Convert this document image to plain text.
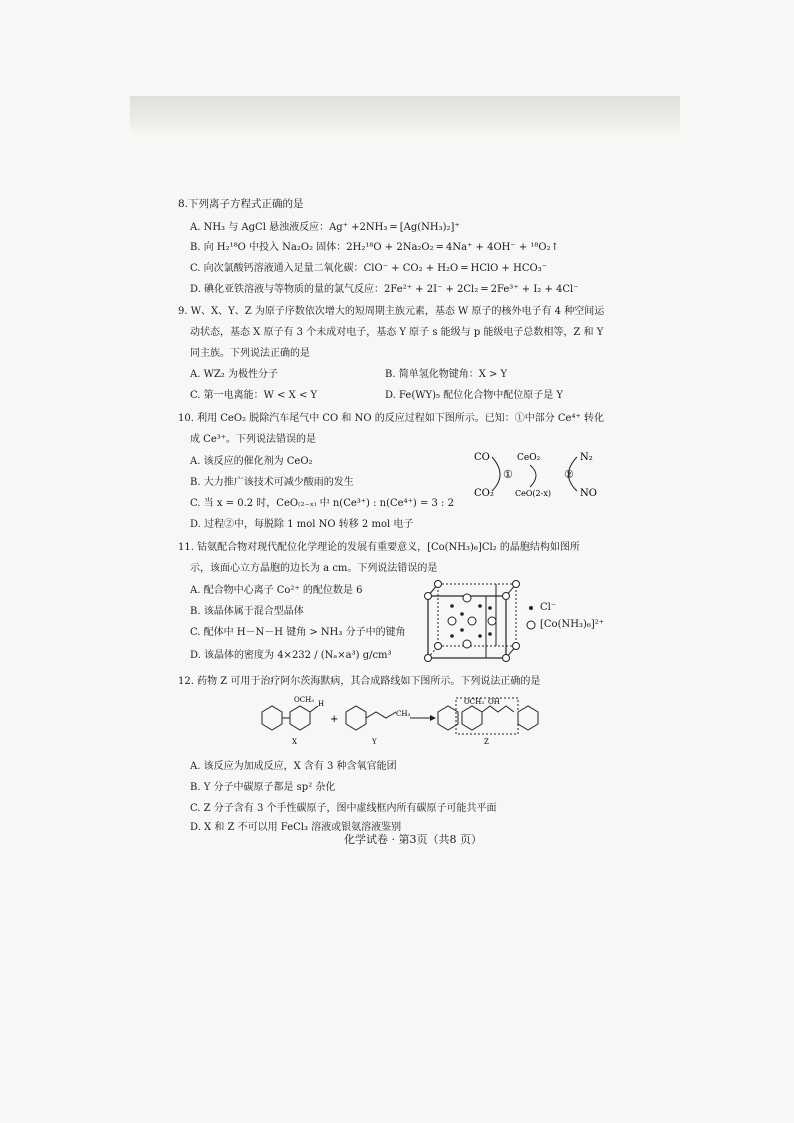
8.下列离子方程式正确的是

A. NH₃ 与 AgCl 悬浊液反应：Ag⁺ +2NH₃ ═ [Ag(NH₃)₂]⁺
B. 向 H₂¹⁸O 中投入 Na₂O₂ 固体：2H₂¹⁸O + 2Na₂O₂ ═ 4Na⁺ + 4OH⁻ + ¹⁸O₂↑
C. 向次氯酸钙溶液通入足量二氧化碳：ClO⁻ + CO₂ + H₂O ═ HClO + HCO₃⁻
D. 碘化亚铁溶液与等物质的量的氯气反应：2Fe²⁺ + 2I⁻ + 2Cl₂ ═ 2Fe³⁺ + I₂ + 4Cl⁻
9. W、X、Y、Z 为原子序数依次增大的短周期主族元素，基态 W 原子的核外电子有 4 种空间运
动状态，基态 X 原子有 3 个未成对电子，基态 Y 原子 s 能级与 p 能级电子总数相等，Z 和 Y
同主族。下列说法正确的是
A. WZ₂ 为极性分子	B. 简单氢化物键角：X > Y
C. 第一电离能：W < X < Y	D. Fe(WY)₅ 配位化合物中配位原子是 Y
10. 利用 CeO₂ 脱除汽车尾气中 CO 和 NO 的反应过程如下图所示。已知：①中部分 Ce⁴⁺ 转化
成 Ce³⁺。下列说法错误的是
A. 该反应的催化剂为 CeO₂
B. 大力推广该技术可减少酸雨的发生
C. 当 x = 0.2 时，CeO₍₂₋ₓ₎ 中 n(Ce³⁺) : n(Ce⁴⁺) = 3 : 2
D. 过程②中，每脱除 1 mol NO 转移 2 mol 电子
CO	CeO₂	N₂
①	②
CO₂	CeO(2-x)	NO
11. 钴氨配合物对现代配位化学理论的发展有重要意义，[Co(NH₃)₆]Cl₂ 的晶胞结构如图所
示，该面心立方晶胞的边长为 a cm。下列说法错误的是
A. 配合物中心离子 Co²⁺ 的配位数是 6
B. 该晶体属于混合型晶体
C. 配体中 H－N－H 键角 > NH₃ 分子中的键角
D. 该晶体的密度为 4×232 / (Nₐ×a³) g/cm³
Cl⁻
[Co(NH₃)₆]²⁺
12. 药物 Z 可用于治疗阿尔茨海默病，其合成路线如下图所示。下列说法正确的是
OCH₃ H
X
+	CH₃
Y
OCH₃ OH
Z
A. 该反应为加成反应，X 含有 3 种含氧官能团
B. Y 分子中碳原子都是 sp² 杂化
C. Z 分子含有 3 个手性碳原子，图中虚线框内所有碳原子可能共平面
D. X 和 Z 不可以用 FeCl₃ 溶液或银氨溶液鉴别
化学试卷 · 第3页（共8 页）
